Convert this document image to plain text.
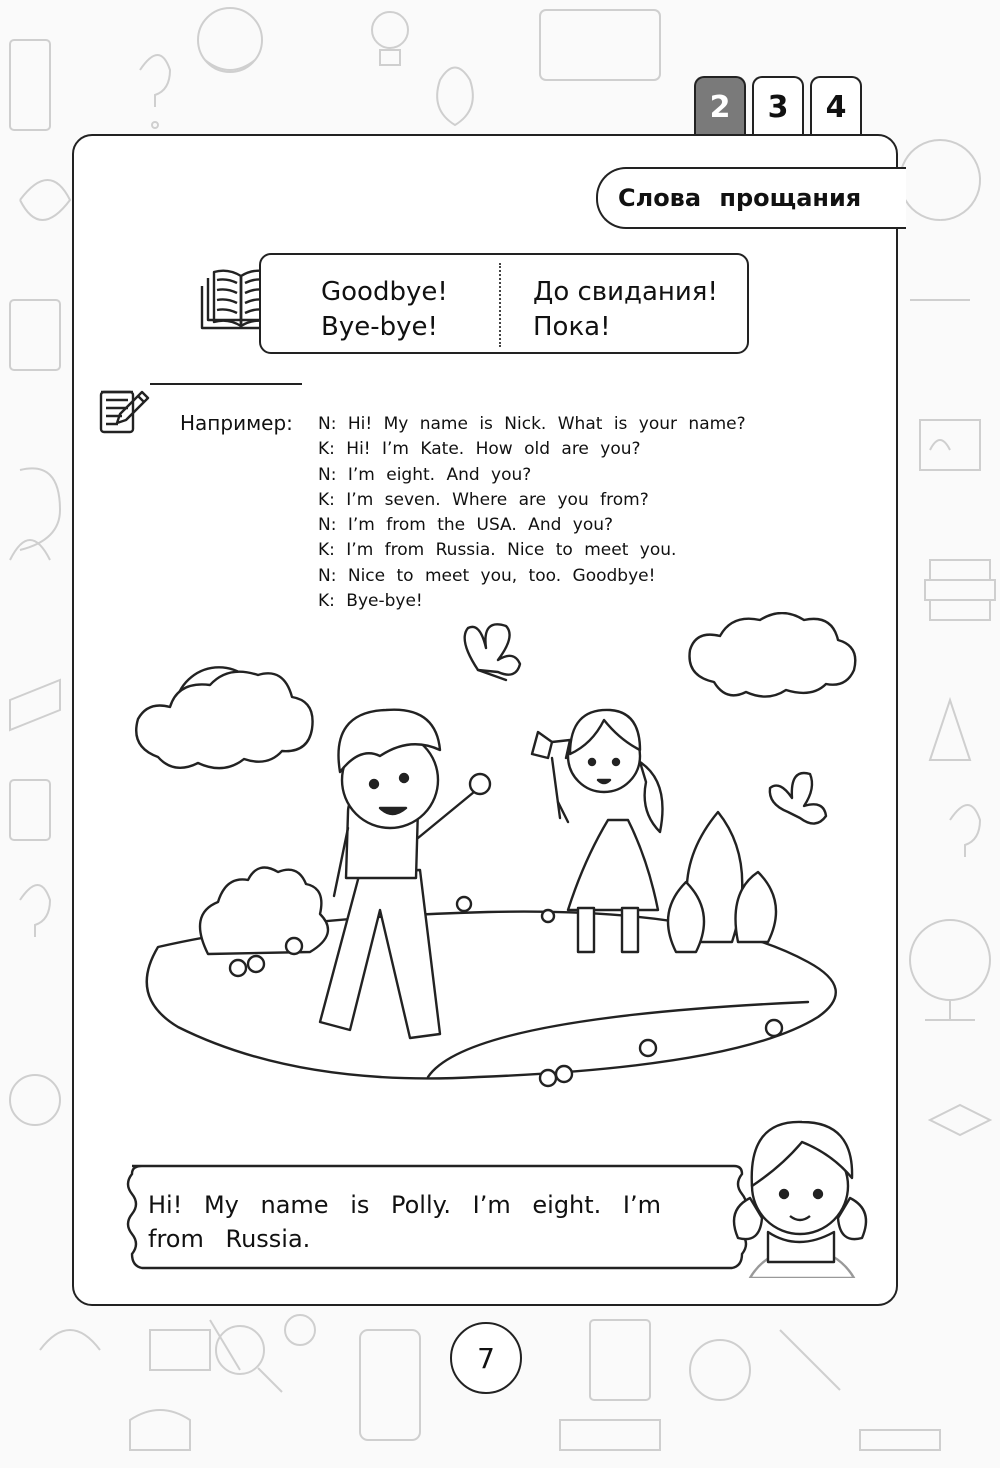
2	3	4
Слова прощания
Goodbye!
Bye-bye!
До свидания!
Пока!
Например: N: Hi! My name is Nick. What is your name?
K: Hi! I’m Kate. How old are you?
N: I’m eight. And you?
K: I’m seven. Where are you from?
N: I’m from the USA. And you?
K: I’m from Russia. Nice to meet you.
N: Nice to meet you, too. Goodbye!
K: Bye-bye!
Hi! My name is Polly. I’m eight. I’m from Russia.
7
